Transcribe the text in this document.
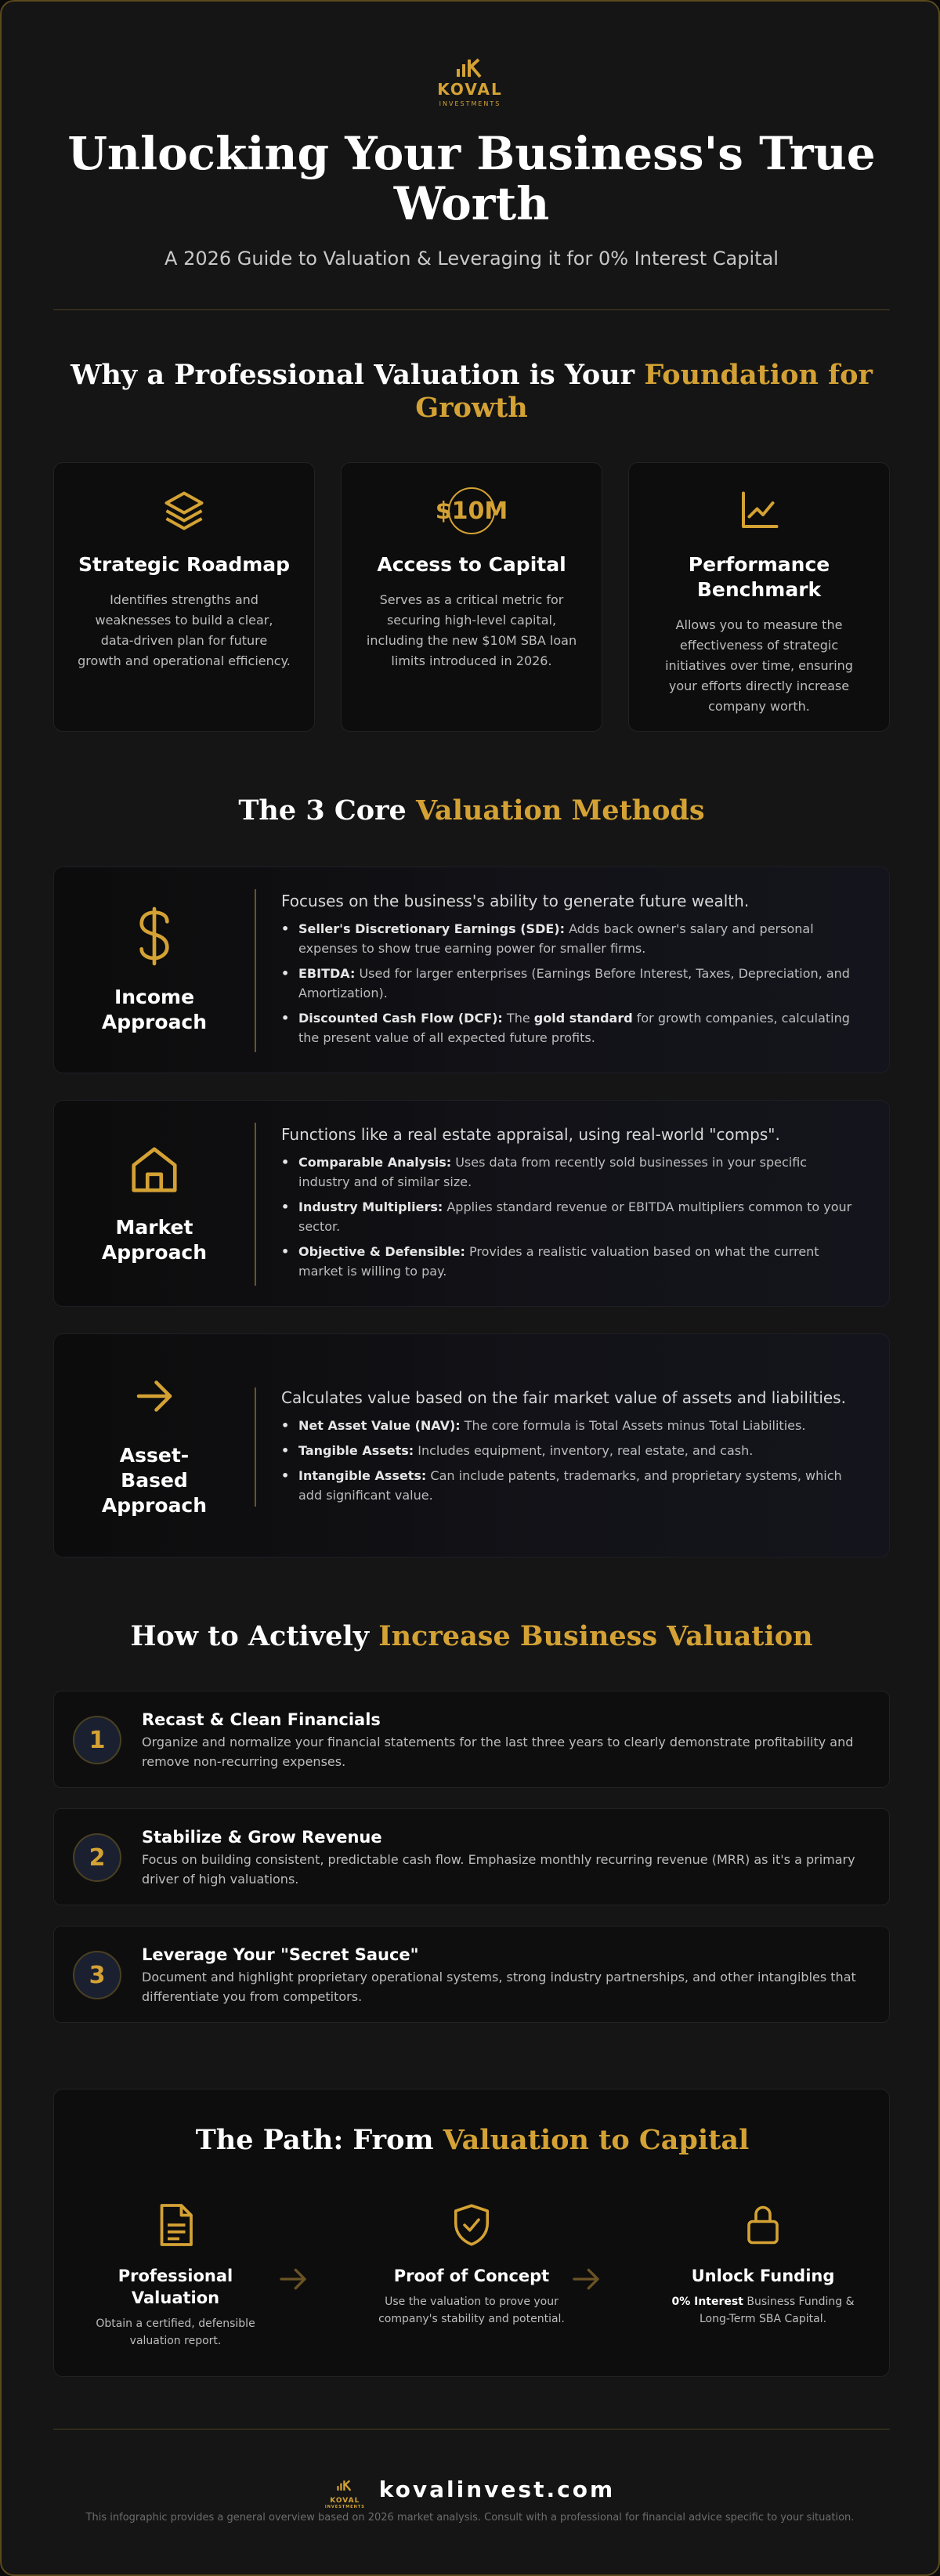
KOVAL
INVESTMENTS
Unlocking Your Business's True Worth
A 2026 Guide to Valuation & Leveraging it for 0% Interest Capital
Why a Professional Valuation is Your Foundation for Growth
Strategic Roadmap

Identifies strengths and weaknesses to build a clear, data-driven plan for future growth and operational efficiency.

$10M
Access to Capital

Serves as a critical metric for securing high-level capital, including the new $10M SBA loan limits introduced in 2026.

Performance Benchmark

Allows you to measure the effectiveness of strategic initiatives over time, ensuring your efforts directly increase company worth.

The 3 Core Valuation Methods
Income
Approach
Focuses on the business's ability to generate future wealth.
• Seller's Discretionary Earnings (SDE): Adds back owner's salary and personal expenses to show true earning power for smaller firms.
• EBITDA: Used for larger enterprises (Earnings Before Interest, Taxes, Depreciation, and Amortization).
• Discounted Cash Flow (DCF): The gold standard for growth companies, calculating the present value of all expected future profits.
Market
Approach
Functions like a real estate appraisal, using real-world "comps".
• Comparable Analysis: Uses data from recently sold businesses in your specific industry and of similar size.
• Industry Multipliers: Applies standard revenue or EBITDA multipliers common to your sector.
• Objective & Defensible: Provides a realistic valuation based on what the current market is willing to pay.
Asset-
Based
Approach
Calculates value based on the fair market value of assets and liabilities.
• Net Asset Value (NAV): The core formula is Total Assets minus Total Liabilities.
• Tangible Assets: Includes equipment, inventory, real estate, and cash.
• Intangible Assets: Can include patents, trademarks, and proprietary systems, which add significant value.
How to Actively Increase Business Valuation
1
Recast & Clean Financials

Organize and normalize your financial statements for the last three years to clearly demonstrate profitability and remove non-recurring expenses.

2
Stabilize & Grow Revenue

Focus on building consistent, predictable cash flow. Emphasize monthly recurring revenue (MRR) as it's a primary driver of high valuations.

3
Leverage Your "Secret Sauce"

Document and highlight proprietary operational systems, strong industry partnerships, and other intangibles that differentiate you from competitors.

The Path: From Valuation to Capital
Professional Valuation

Obtain a certified, defensible valuation report.

Proof of Concept

Use the valuation to prove your company's stability and potential.

Unlock Funding

0% Interest Business Funding & Long-Term SBA Capital.

KOVAL
INVESTMENTS
kovalinvest.com
This infographic provides a general overview based on 2026 market analysis. Consult with a professional for financial advice specific to your situation.
